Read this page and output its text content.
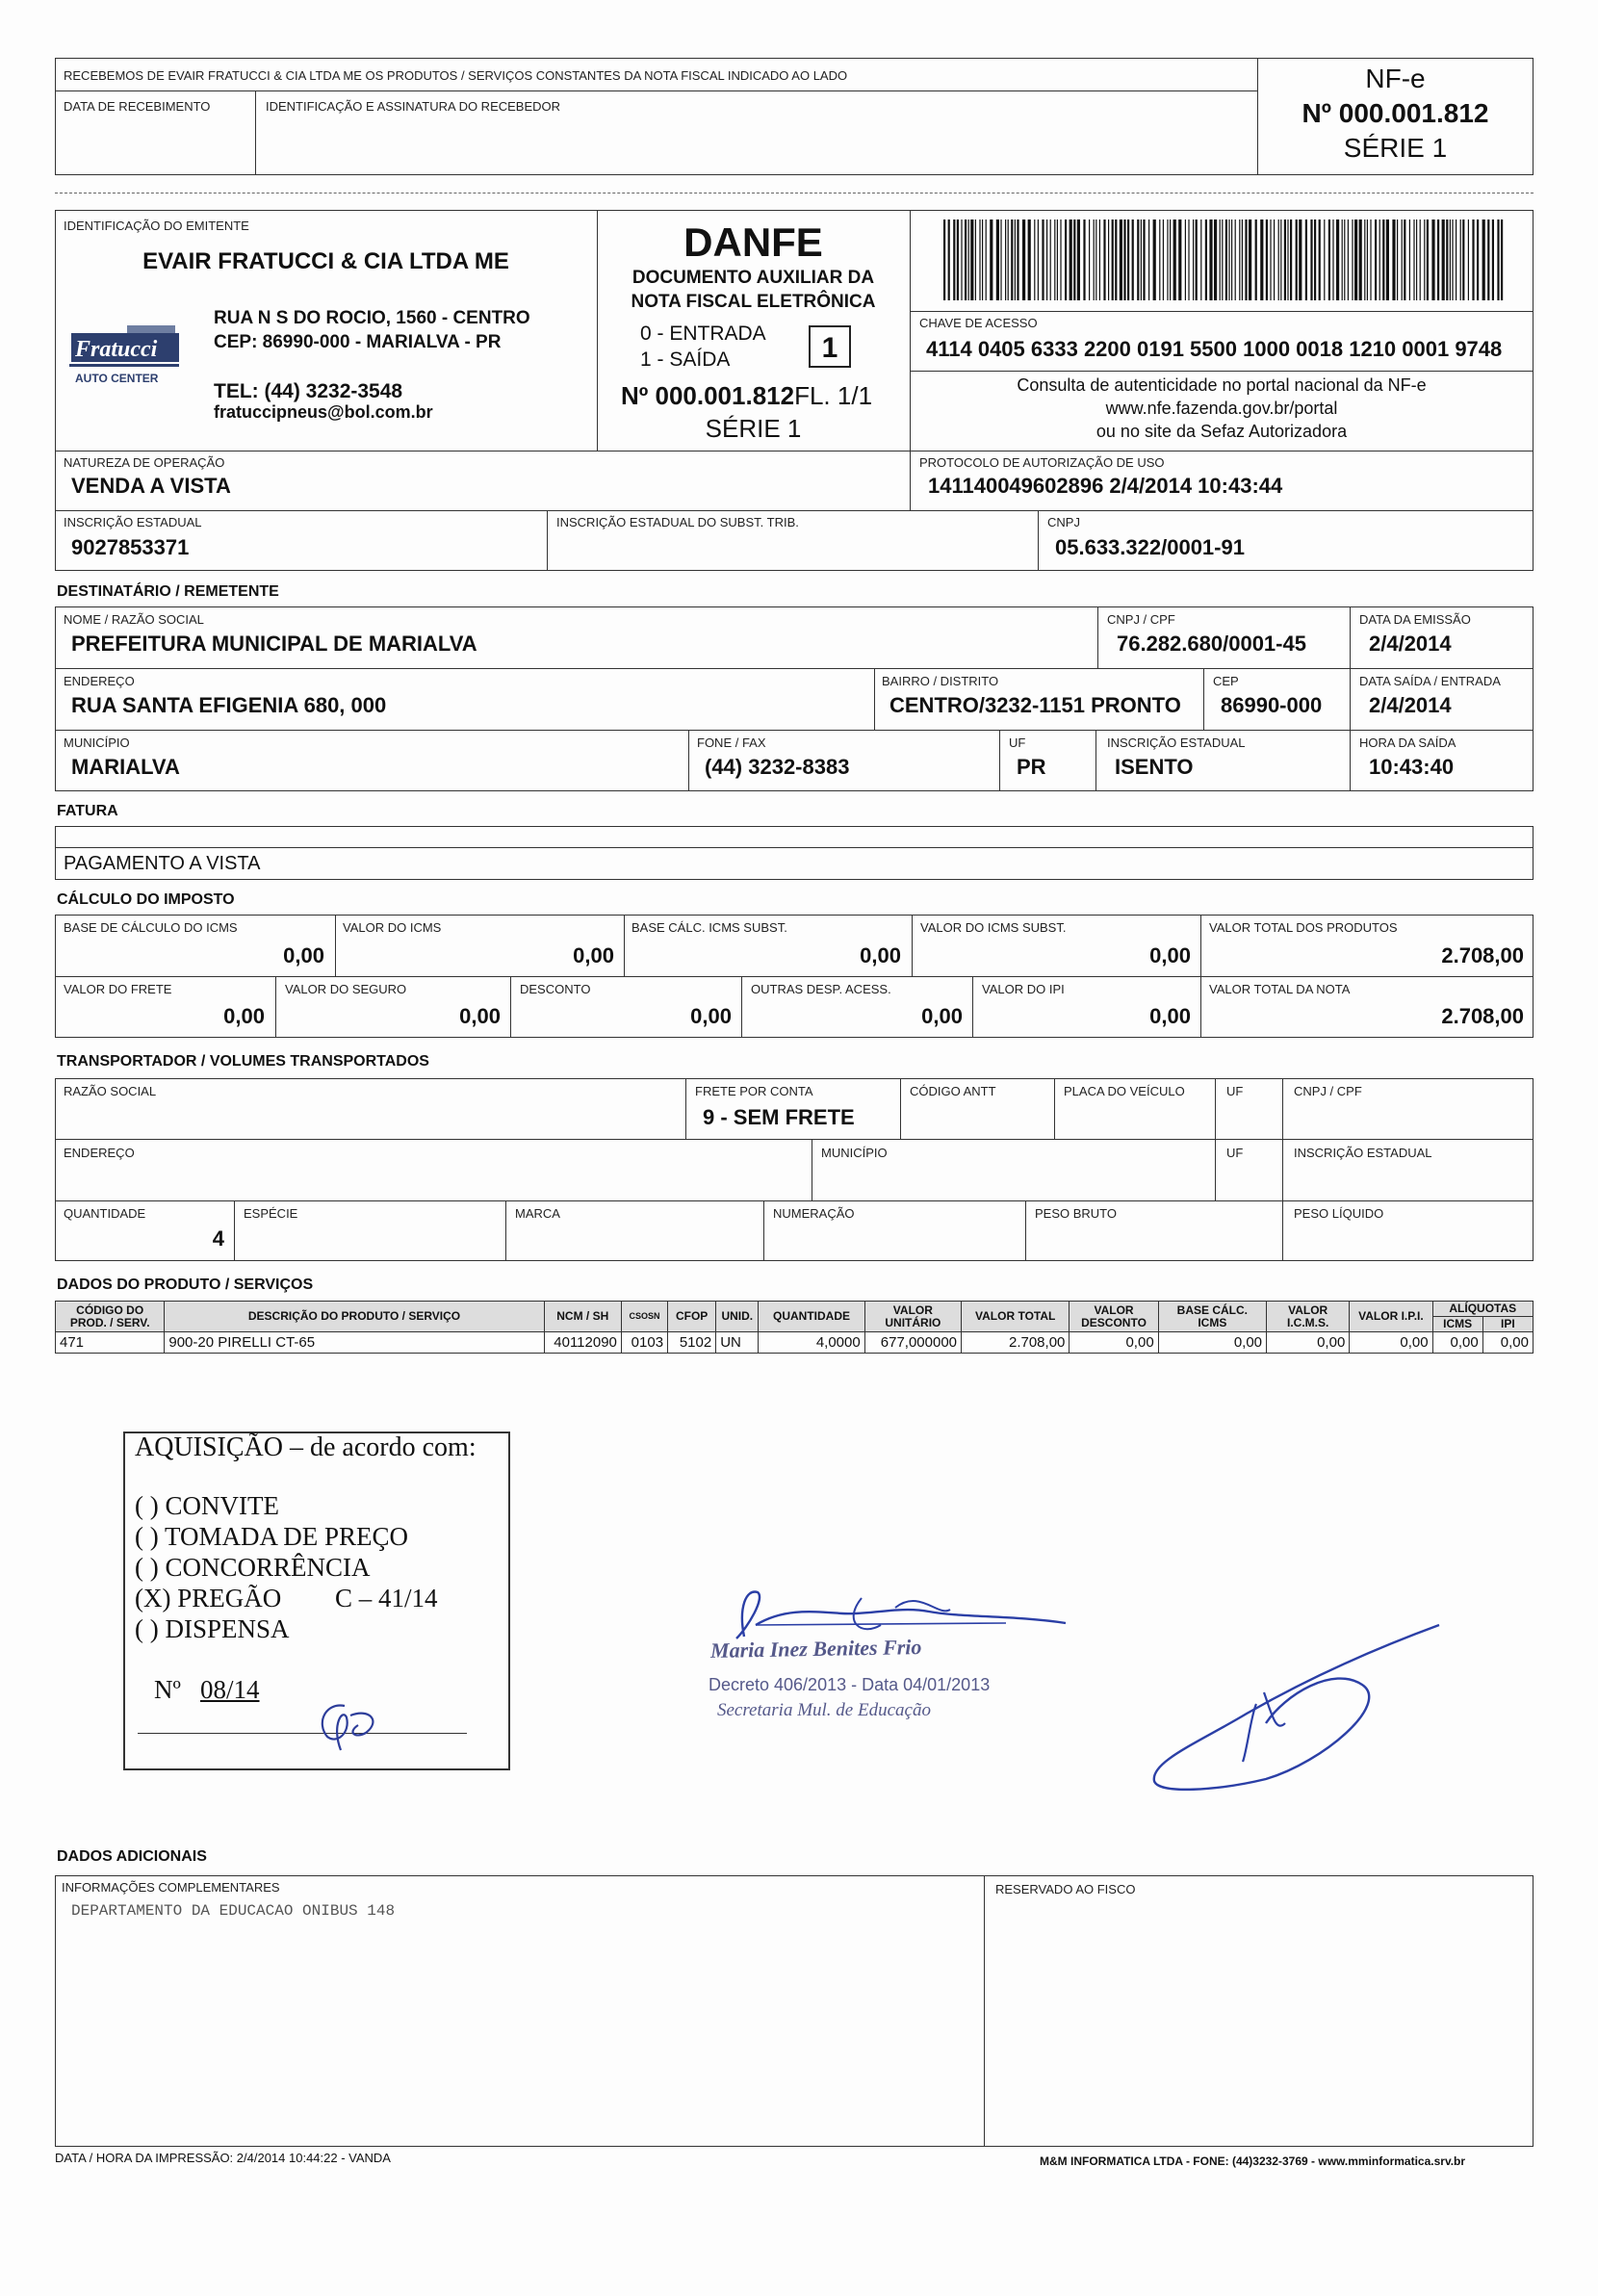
RECEBEMOS DE EVAIR FRATUCCI & CIA LTDA ME OS PRODUTOS / SERVIÇOS CONSTANTES DA NOTA FISCAL INDICADO AO LADO
DATA DE RECEBIMENTO	IDENTIFICAÇÃO E ASSINATURA DO RECEBEDOR
NF-e
Nº 000.001.812
SÉRIE 1
IDENTIFICAÇÃO DO EMITENTE
EVAIR FRATUCCI & CIA LTDA ME
Fratucci
AUTO CENTER
RUA N S DO ROCIO, 1560 - CENTRO
CEP: 86990-000 - MARIALVA - PR
TEL: (44) 3232-3548
fratuccipneus@bol.com.br
DANFE
DOCUMENTO AUXILIAR DA
NOTA FISCAL ELETRÔNICA
0 - ENTRADA
1 - SAÍDA	1
Nº 000.001.812FL. 1/1
SÉRIE 1
CHAVE DE ACESSO
4114 0405 6333 2200 0191 5500 1000 0018 1210 0001 9748
Consulta de autenticidade no portal nacional da NF-e
www.nfe.fazenda.gov.br/portal
ou no site da Sefaz Autorizadora
NATUREZA DE OPERAÇÃO
VENDA A VISTA
PROTOCOLO DE AUTORIZAÇÃO DE USO
141140049602896 2/4/2014 10:43:44
INSCRIÇÃO ESTADUAL
9027853371
INSCRIÇÃO ESTADUAL DO SUBST. TRIB.	CNPJ
05.633.322/0001-91
DESTINATÁRIO / REMETENTE
NOME / RAZÃO SOCIAL
PREFEITURA MUNICIPAL DE MARIALVA
CNPJ / CPF
76.282.680/0001-45
DATA DA EMISSÃO
2/4/2014
ENDEREÇO
RUA SANTA EFIGENIA 680, 000
BAIRRO / DISTRITO
CENTRO/3232-1151 PRONTO
CEP
86990-000
DATA SAÍDA / ENTRADA
2/4/2014
MUNICÍPIO
MARIALVA
FONE / FAX
(44) 3232-8383
UF
PR
INSCRIÇÃO ESTADUAL
ISENTO
HORA DA SAÍDA
10:43:40
FATURA
PAGAMENTO A VISTA
CÁLCULO DO IMPOSTO
BASE DE CÁLCULO DO ICMS
0,00
VALOR DO ICMS
0,00
BASE CÁLC. ICMS SUBST.
0,00
VALOR DO ICMS SUBST.
0,00
VALOR TOTAL DOS PRODUTOS
2.708,00
VALOR DO FRETE
0,00
VALOR DO SEGURO
0,00
DESCONTO
0,00
OUTRAS DESP. ACESS.
0,00
VALOR DO IPI
0,00
VALOR TOTAL DA NOTA
2.708,00
TRANSPORTADOR / VOLUMES TRANSPORTADOS
RAZÃO SOCIAL	FRETE POR CONTA
9 - SEM FRETE
CÓDIGO ANTT	PLACA DO VEÍCULO	UF	CNPJ / CPF
ENDEREÇO	MUNICÍPIO	UF	INSCRIÇÃO ESTADUAL
QUANTIDADE
4
ESPÉCIE	MARCA	NUMERAÇÃO	PESO BRUTO	PESO LÍQUIDO
DADOS DO PRODUTO / SERVIÇOS
CÓDIGO DO PROD. / SERV.	DESCRIÇÃO DO PRODUTO / SERVIÇO	NCM / SH	CSOSN	CFOP	UNID.	QUANTIDADE	VALOR UNITÁRIO	VALOR TOTAL	VALOR DESCONTO	BASE CÁLC. ICMS	VALOR I.C.M.S.	VALOR I.P.I.	ALÍQUOTAS	
													ICMS	IPI
471	900-20 PIRELLI CT-65	40112090	0103	5102	UN	4,0000	677,000000	2.708,00	0,00	0,00	0,00	0,00	0,00	0,00
AQUISIÇÃO – de acordo com:
( ) CONVITE
( ) TOMADA DE PREÇO
( ) CONCORRÊNCIA
(X) PREGÃO C – 41/14
( ) DISPENSA
Nº 08/14
Maria Inez Benites Frio
Decreto 406/2013 - Data 04/01/2013
Secretaria Mul. de Educação
DADOS ADICIONAIS
INFORMAÇÕES COMPLEMENTARES
DEPARTAMENTO DA EDUCACAO ONIBUS 148
RESERVADO AO FISCO
DATA / HORA DA IMPRESSÃO: 2/4/2014 10:44:22 - VANDA	M&M INFORMATICA LTDA - FONE: (44)3232-3769 - www.mminformatica.srv.br
